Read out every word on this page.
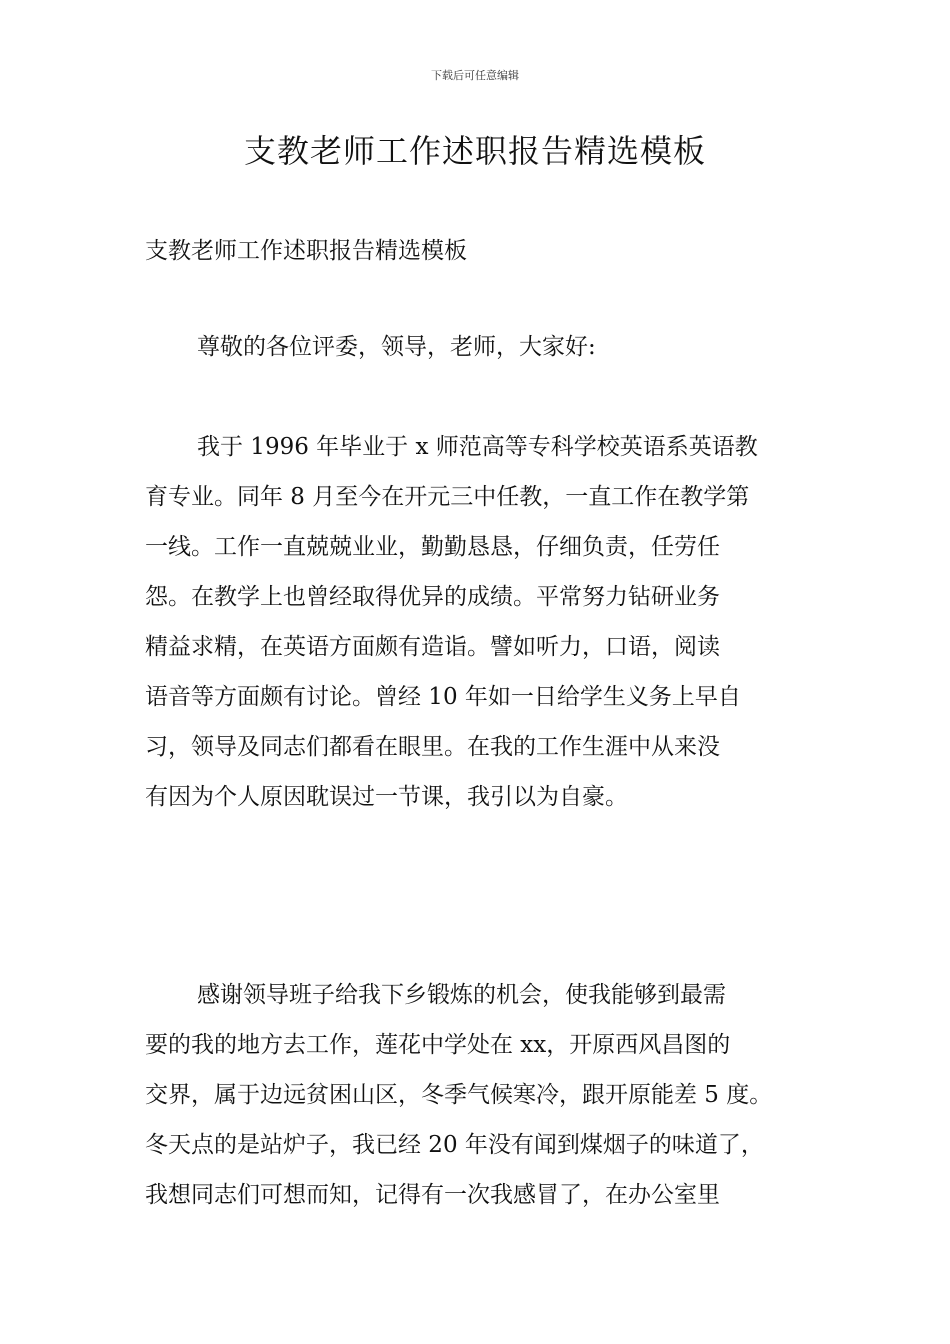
下载后可任意编辑
支教老师工作述职报告精选模板
支教老师工作述职报告精选模板
尊敬的各位评委，领导，老师，大家好:
我于 1996 年毕业于 x 师范高等专科学校英语系英语教
育专业。同年 8 月至今在开元三中任教，一直工作在教学第
一线。工作一直兢兢业业，勤勤恳恳，仔细负责，任劳任
怨。在教学上也曾经取得优异的成绩。平常努力钻研业务
精益求精，在英语方面颇有造诣。譬如听力，口语，阅读
语音等方面颇有讨论。曾经 10 年如一日给学生义务上早自
习，领导及同志们都看在眼里。在我的工作生涯中从来没
有因为个人原因耽误过一节课，我引以为自豪。
感谢领导班子给我下乡锻炼的机会，使我能够到最需
要的我的地方去工作，莲花中学处在 xx，开原西风昌图的
交界，属于边远贫困山区，冬季气候寒冷，跟开原能差 5 度。
冬天点的是站炉子，我已经 20 年没有闻到煤烟子的味道了，
我想同志们可想而知，记得有一次我感冒了，在办公室里
